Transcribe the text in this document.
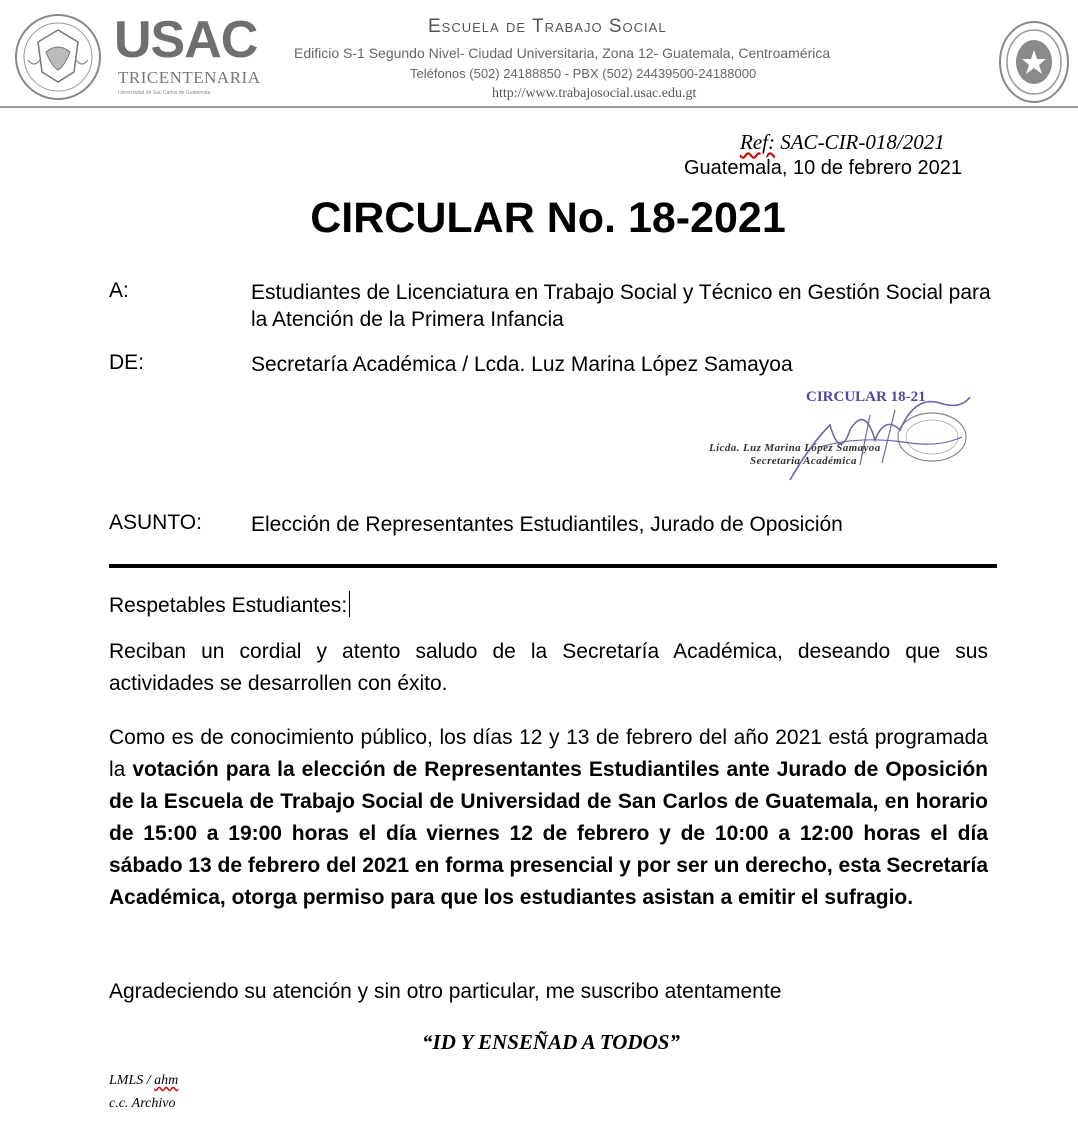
USAC
TRICENTENARIA
Universidad de San Carlos de Guatemala
Escuela de Trabajo Social
Edificio S-1 Segundo Nivel- Ciudad Universitaria, Zona 12- Guatemala, Centroamérica
Teléfonos (502) 24188850 - PBX (502) 24439500-24188000
http://www.trabajosocial.usac.edu.gt
Ref: SAC-CIR-018/2021
Guatemala, 10 de febrero 2021
CIRCULAR No. 18-2021
A:	Estudiantes de Licenciatura en Trabajo Social y Técnico en Gestión Social para la Atención de la Primera Infancia
DE:	Secretaría Académica / Lcda. Luz Marina López Samayoa
CIRCULAR 18-21
Licda. Luz Marina López Samayoa
Secretaria Académica
ASUNTO: Elección de Representantes Estudiantiles, Jurado de Oposición
Respetables Estudiantes:
Reciban un cordial y atento saludo de la Secretaría Académica, deseando que sus actividades se desarrollen con éxito.
Como es de conocimiento público, los días 12 y 13 de febrero del año 2021 está programada la votación para la elección de Representantes Estudiantiles ante Jurado de Oposición de la Escuela de Trabajo Social de Universidad de San Carlos de Guatemala, en horario de 15:00 a 19:00 horas el día viernes 12 de febrero y de 10:00 a 12:00 horas el día sábado 13 de febrero del 2021 en forma presencial y por ser un derecho, esta Secretaría Académica, otorga permiso para que los estudiantes asistan a emitir el sufragio.
Agradeciendo su atención y sin otro particular, me suscribo atentamente
“ID Y ENSEÑAD A TODOS”
LMLS / ahm
c.c. Archivo
